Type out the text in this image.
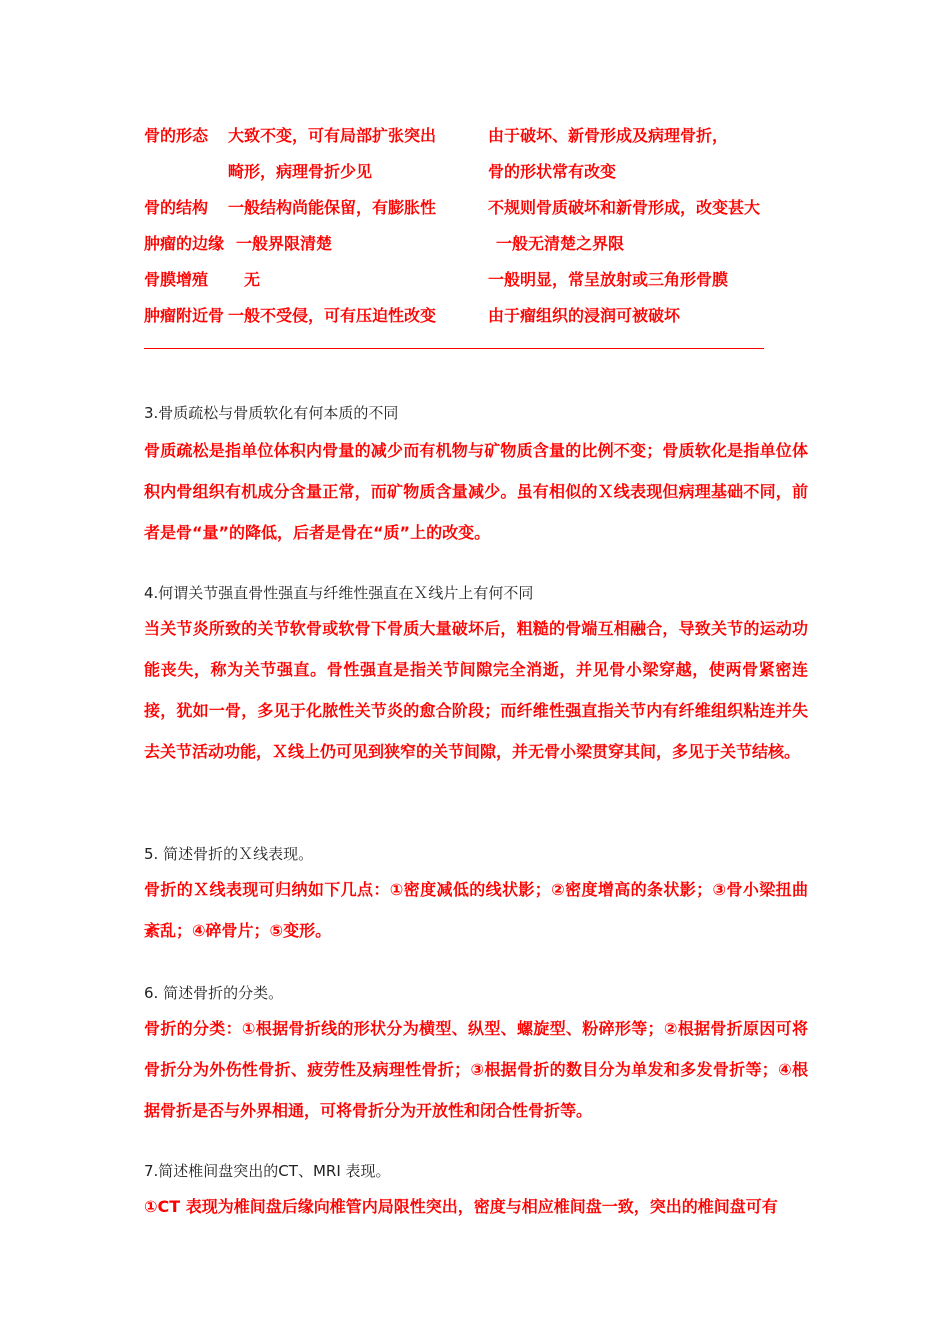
骨的形态 大致不变，可有局部扩张突出	由于破坏、新骨形成及病理骨折，
畸形，病理骨折少见	骨的形状常有改变
骨的结构 一般结构尚能保留，有膨胀性	不规则骨质破坏和新骨形成，改变甚大
肿瘤的边缘 一般界限清楚	一般无清楚之界限
骨膜增殖 无	一般明显，常呈放射或三角形骨膜
肿瘤附近骨 一般不受侵，可有压迫性改变	由于瘤组织的浸润可被破坏
3.骨质疏松与骨质软化有何本质的不同
骨质疏松是指单位体积内骨量的减少而有机物与矿物质含量的比例不变；骨质软化是指单位体积内骨组织有机成分含量正常，而矿物质含量减少。虽有相似的Ｘ线表现但病理基础不同，前者是骨“量”的降低，后者是骨在“质”上的改变。
4.何谓关节强直骨性强直与纤维性强直在Ｘ线片上有何不同
当关节炎所致的关节软骨或软骨下骨质大量破坏后，粗糙的骨端互相融合，导致关节的运动功能丧失，称为关节强直。骨性强直是指关节间隙完全消逝，并见骨小梁穿越，使两骨紧密连接，犹如一骨，多见于化脓性关节炎的愈合阶段；而纤维性强直指关节内有纤维组织粘连并失去关节活动功能，Ｘ线上仍可见到狭窄的关节间隙，并无骨小梁贯穿其间，多见于关节结核。
5. 简述骨折的Ｘ线表现。
骨折的Ｘ线表现可归纳如下几点：①密度减低的线状影；②密度增高的条状影；③骨小梁扭曲紊乱；④碎骨片；⑤变形。
6. 简述骨折的分类。
骨折的分类：①根据骨折线的形状分为横型、纵型、螺旋型、粉碎形等；②根据骨折原因可将骨折分为外伤性骨折、疲劳性及病理性骨折；③根据骨折的数目分为单发和多发骨折等；④根据骨折是否与外界相通，可将骨折分为开放性和闭合性骨折等。
7.简述椎间盘突出的CT、MRI 表现。
①CT 表现为椎间盘后缘向椎管内局限性突出，密度与相应椎间盘一致，突出的椎间盘可有
